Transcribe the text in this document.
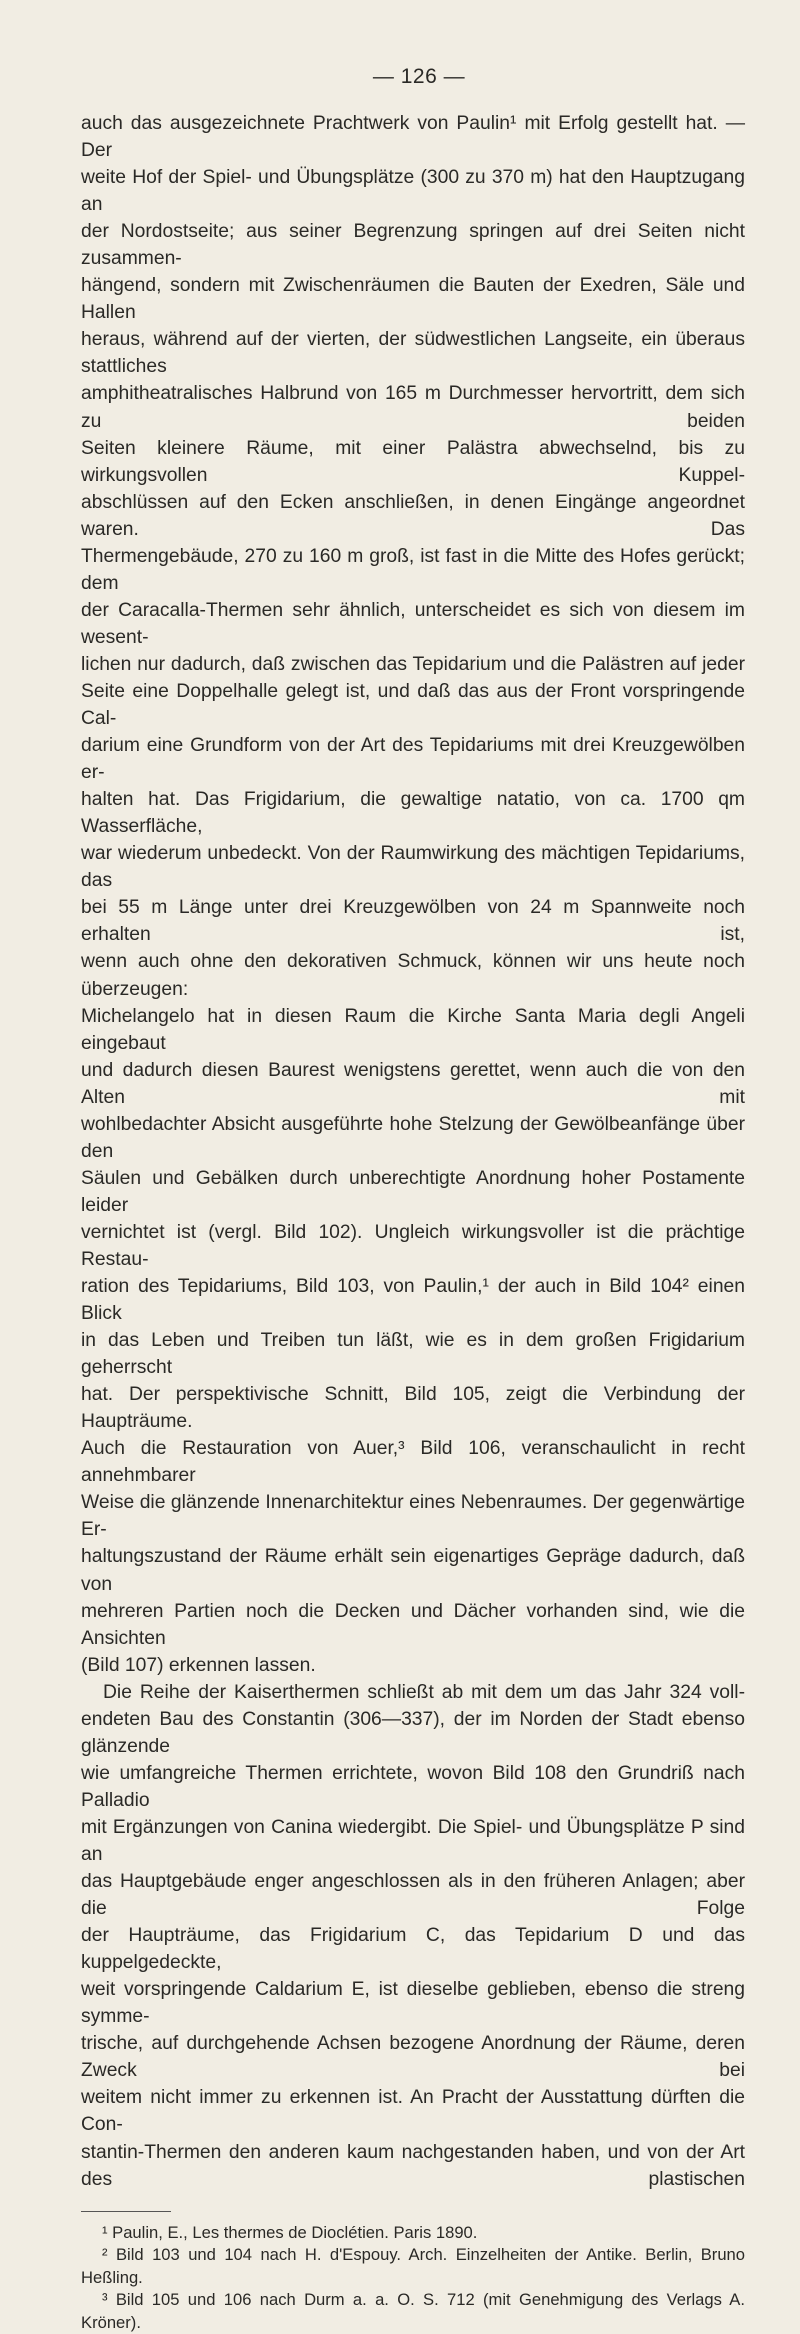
— 126 —

auch das ausgezeichnete Prachtwerk von Paulin¹ mit Erfolg gestellt hat. — Der

weite Hof der Spiel- und Übungsplätze (300 zu 370 m) hat den Hauptzugang an

der Nordostseite; aus seiner Begrenzung springen auf drei Seiten nicht zusammen-

hängend, sondern mit Zwischenräumen die Bauten der Exedren, Säle und Hallen

heraus, während auf der vierten, der südwestlichen Langseite, ein überaus stattliches

amphitheatralisches Halbrund von 165 m Durchmesser hervortritt, dem sich zu beiden

Seiten kleinere Räume, mit einer Palästra abwechselnd, bis zu wirkungsvollen Kuppel-

abschlüssen auf den Ecken anschließen, in denen Eingänge angeordnet waren. Das

Thermengebäude, 270 zu 160 m groß, ist fast in die Mitte des Hofes gerückt; dem

der Caracalla-Thermen sehr ähnlich, unterscheidet es sich von diesem im wesent-

lichen nur dadurch, daß zwischen das Tepidarium und die Palästren auf jeder

Seite eine Doppelhalle gelegt ist, und daß das aus der Front vorspringende Cal-

darium eine Grundform von der Art des Tepidariums mit drei Kreuzgewölben er-

halten hat. Das Frigidarium, die gewaltige natatio, von ca. 1700 qm Wasserfläche,

war wiederum unbedeckt. Von der Raumwirkung des mächtigen Tepidariums, das

bei 55 m Länge unter drei Kreuzgewölben von 24 m Spannweite noch erhalten ist,

wenn auch ohne den dekorativen Schmuck, können wir uns heute noch überzeugen:

Michelangelo hat in diesen Raum die Kirche Santa Maria degli Angeli eingebaut

und dadurch diesen Baurest wenigstens gerettet, wenn auch die von den Alten mit

wohlbedachter Absicht ausgeführte hohe Stelzung der Gewölbeanfänge über den

Säulen und Gebälken durch unberechtigte Anordnung hoher Postamente leider

vernichtet ist (vergl. Bild 102). Ungleich wirkungsvoller ist die prächtige Restau-

ration des Tepidariums, Bild 103, von Paulin,¹ der auch in Bild 104² einen Blick

in das Leben und Treiben tun läßt, wie es in dem großen Frigidarium geherrscht

hat. Der perspektivische Schnitt, Bild 105, zeigt die Verbindung der Haupträume.

Auch die Restauration von Auer,³ Bild 106, veranschaulicht in recht annehmbarer

Weise die glänzende Innenarchitektur eines Nebenraumes. Der gegenwärtige Er-

haltungszustand der Räume erhält sein eigenartiges Gepräge dadurch, daß von

mehreren Partien noch die Decken und Dächer vorhanden sind, wie die Ansichten

(Bild 107) erkennen lassen.

Die Reihe der Kaiserthermen schließt ab mit dem um das Jahr 324 voll-

endeten Bau des Constantin (306—337), der im Norden der Stadt ebenso glänzende

wie umfangreiche Thermen errichtete, wovon Bild 108 den Grundriß nach Palladio

mit Ergänzungen von Canina wiedergibt. Die Spiel- und Übungsplätze P sind an

das Hauptgebäude enger angeschlossen als in den früheren Anlagen; aber die Folge

der Haupträume, das Frigidarium C, das Tepidarium D und das kuppelgedeckte,

weit vorspringende Caldarium E, ist dieselbe geblieben, ebenso die streng symme-

trische, auf durchgehende Achsen bezogene Anordnung der Räume, deren Zweck bei

weitem nicht immer zu erkennen ist. An Pracht der Ausstattung dürften die Con-

stantin-Thermen den anderen kaum nachgestanden haben, und von der Art des plastischen

¹ Paulin, E., Les thermes de Dioclétien. Paris 1890.

² Bild 103 und 104 nach H. d'Espouy. Arch. Einzelheiten der Antike. Berlin, Bruno

Heßling.

³ Bild 105 und 106 nach Durm a. a. O. S. 712 (mit Genehmigung des Verlags A. Kröner).
